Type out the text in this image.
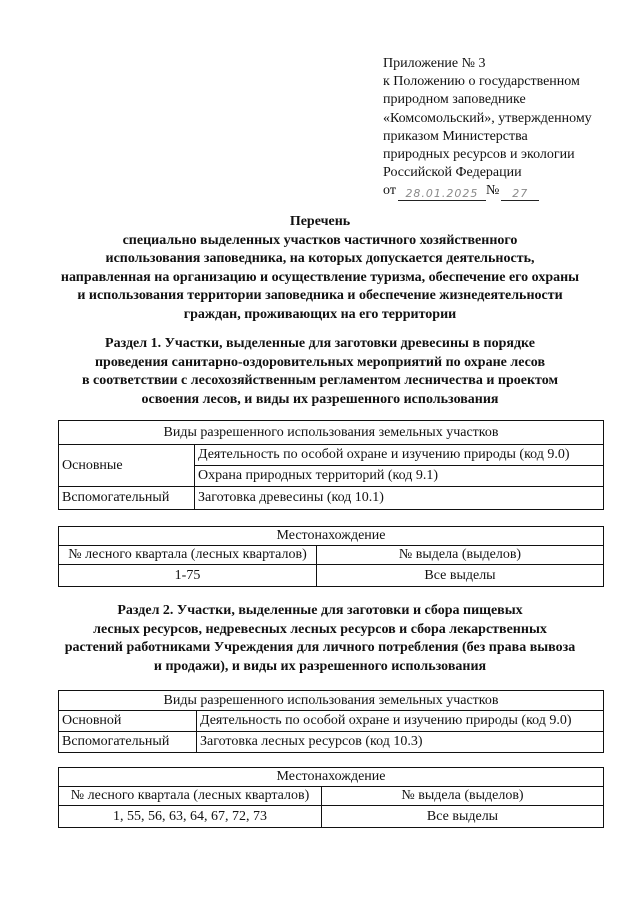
Приложение № 3
к Положению о государственном
природном заповеднике
«Комсомольский», утвержденному
приказом Министерства
природных ресурсов и экологии
Российской Федерации
от 28.01.2025 №	27
Перечень
специально выделенных участков частичного хозяйственного
использования заповедника, на которых допускается деятельность,
направленная на организацию и осуществление туризма, обеспечение его охраны
и использования территории заповедника и обеспечение жизнедеятельности
граждан, проживающих на его территории
Раздел 1. Участки, выделенные для заготовки древесины в порядке
проведения санитарно-оздоровительных мероприятий по охране лесов
в соответствии с лесохозяйственным регламентом лесничества и проектом
освоения лесов, и виды их разрешенного использования
Виды разрешенного использования земельных участков	
Основные	Деятельность по особой охране и изучению природы (код 9.0)
	Охрана природных территорий (код 9.1)
Вспомогательный	Заготовка древесины (код 10.1)
Местонахождение	
№ лесного квартала (лесных кварталов)	№ выдела (выделов)
1-75	Все выделы
Раздел 2. Участки, выделенные для заготовки и сбора пищевых
лесных ресурсов, недревесных лесных ресурсов и сбора лекарственных
растений работниками Учреждения для личного потребления (без права вывоза
и продажи), и виды их разрешенного использования
Виды разрешенного использования земельных участков	
Основной	Деятельность по особой охране и изучению природы (код 9.0)
Вспомогательный	Заготовка лесных ресурсов (код 10.3)
Местонахождение	
№ лесного квартала (лесных кварталов)	№ выдела (выделов)
1, 55, 56, 63, 64, 67, 72, 73	Все выделы
